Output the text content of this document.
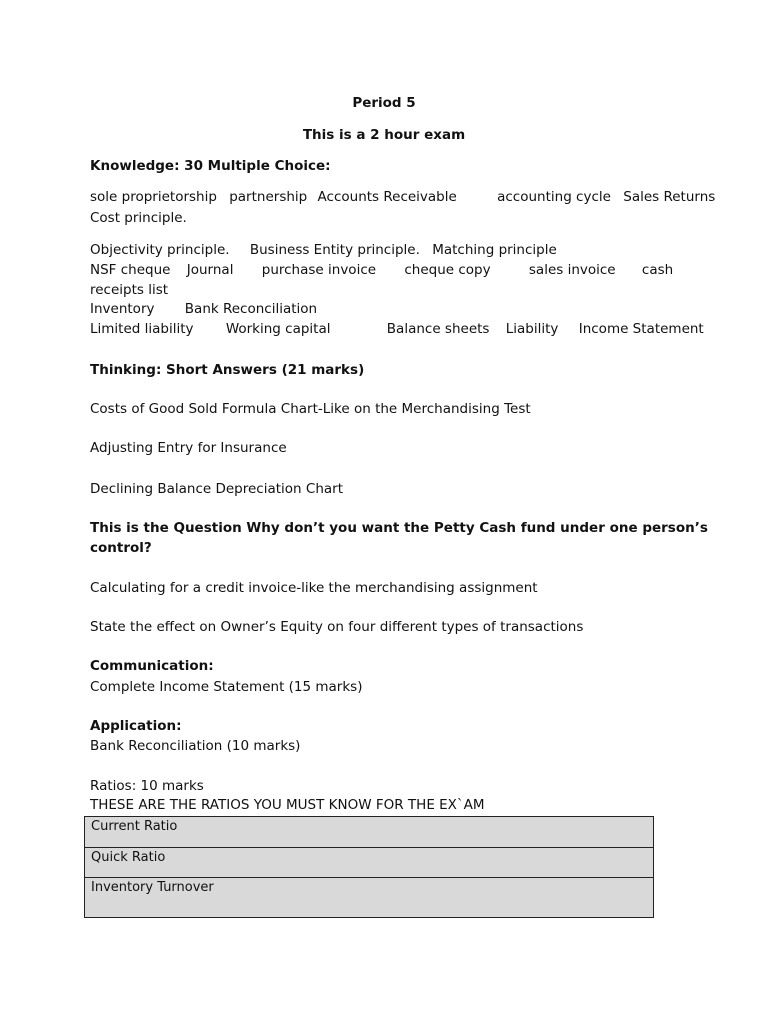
Period 5
This is a 2 hour exam
Knowledge: 30 Multiple Choice:
sole proprietorship partnership Accounts Receivable	accounting cycle Sales Returns
Cost principle.
Objectivity principle. Business Entity principle. Matching principle
NSF cheque Journal purchase invoice cheque copy	sales invoice cash
receipts list
Inventory Bank Reconciliation
Limited liability Working capital	Balance sheets Liability Income Statement
Thinking: Short Answers (21 marks)
Costs of Good Sold Formula Chart-Like on the Merchandising Test
Adjusting Entry for Insurance
Declining Balance Depreciation Chart
This is the Question Why don’t you want the Petty Cash fund under one person’s
control?
Calculating for a credit invoice-like the merchandising assignment
State the effect on Owner’s Equity on four different types of transactions
Communication:
Complete Income Statement (15 marks)
Application:
Bank Reconciliation (10 marks)
Ratios: 10 marks
THESE ARE THE RATIOS YOU MUST KNOW FOR THE EX`AM
Current Ratio
Quick Ratio
Inventory Turnover
